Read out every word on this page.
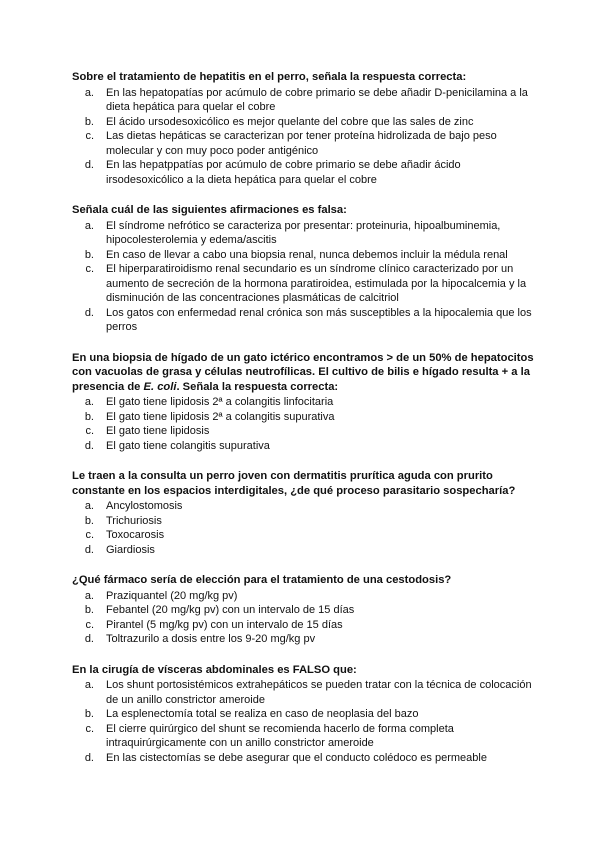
Sobre el tratamiento de hepatitis en el perro, señala la respuesta correcta:

a.	En las hepatopatías por acúmulo de cobre primario se debe añadir D-penicilamina a la dieta hepática para quelar el cobre
b.	El ácido ursodesoxicólico es mejor quelante del cobre que las sales de zinc
c.	Las dietas hepáticas se caracterizan por tener proteína hidrolizada de bajo peso molecular y con muy poco poder antigénico
d.	En las hepatppatías por acúmulo de cobre primario se debe añadir ácido irsodesoxicólico a la dieta hepática para quelar el cobre

Señala cuál de las siguientes afirmaciones es falsa:

a.	El síndrome nefrótico se caracteriza por presentar: proteinuria, hipoalbuminemia, hipocolesterolemia y edema/ascitis
b.	En caso de llevar a cabo una biopsia renal, nunca debemos incluir la médula renal
c.	El hiperparatiroidismo renal secundario es un síndrome clínico caracterizado por un aumento de secreción de la hormona paratiroidea, estimulada por la hipocalcemia y la disminución de las concentraciones plasmáticas de calcitriol
d.	Los gatos con enfermedad renal crónica son más susceptibles a la hipocalemia que los perros

En una biopsia de hígado de un gato ictérico encontramos > de un 50% de hepatocitos con vacuolas de grasa y células neutrofílicas. El cultivo de bilis e hígado resulta + a la presencia de E. coli. Señala la respuesta correcta:

a.	El gato tiene lipidosis 2ª a colangitis linfocitaria
b.	El gato tiene lipidosis 2ª a colangitis supurativa
c.	El gato tiene lipidosis
d.	El gato tiene colangitis supurativa

Le traen a la consulta un perro joven con dermatitis prurítica aguda con prurito constante en los espacios interdigitales, ¿de qué proceso parasitario sospecharía?

a.	Ancylostomosis
b.	Trichuriosis
c.	Toxocarosis
d.	Giardiosis

¿Qué fármaco sería de elección para el tratamiento de una cestodosis?

a.	Praziquantel (20 mg/kg pv)
b.	Febantel (20 mg/kg pv) con un intervalo de 15 días
c.	Pirantel (5 mg/kg pv) con un intervalo de 15 días
d.	Toltrazurilo a dosis entre los 9-20 mg/kg pv

En la cirugía de vísceras abdominales es FALSO que:

a.	Los shunt portosistémicos extrahepáticos se pueden tratar con la técnica de colocación de un anillo constrictor ameroide
b.	La esplenectomía total se realiza en caso de neoplasia del bazo
c.	El cierre quirúrgico del shunt se recomienda hacerlo de forma completa intraquirúrgicamente con un anillo constrictor ameroide
d.	En las cistectomías se debe asegurar que el conducto colédoco es permeable
